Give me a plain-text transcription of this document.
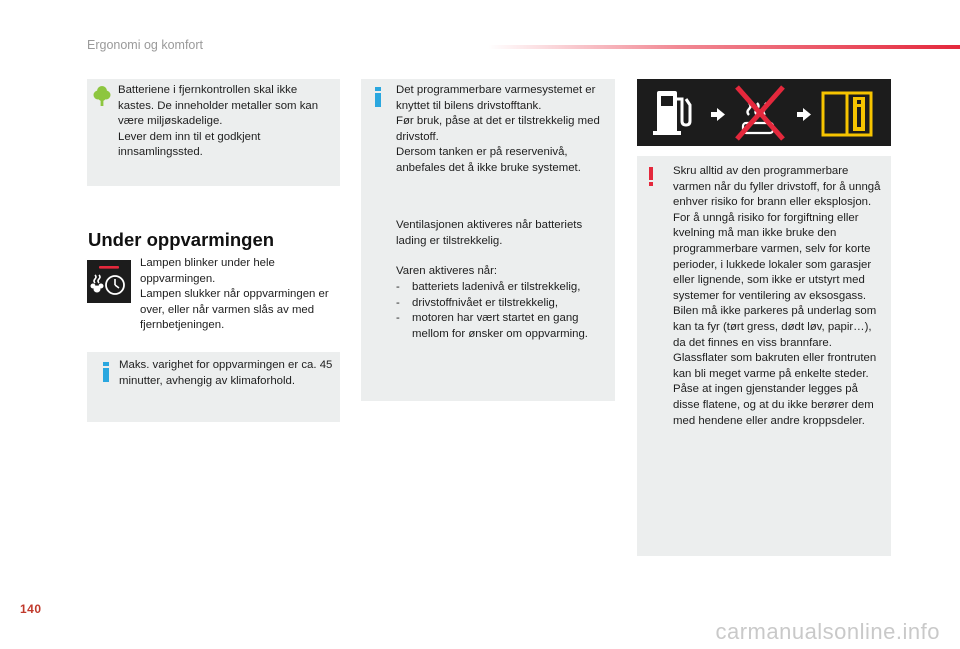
Ergonomi og komfort
Batteriene i fjernkontrollen skal ikke kastes. De inneholder metaller som kan være miljøskadelige.
Lever dem inn til et godkjent innsamlingssted.
Under oppvarmingen
Lampen blinker under hele oppvarmingen.
Lampen slukker når oppvarmingen er over, eller når varmen slås av med fjernbetjeningen.
Maks. varighet for oppvarmingen er ca. 45 minutter, avhengig av klimaforhold.
Det programmerbare varmesystemet er knyttet til bilens drivstofftank.
Før bruk, påse at det er tilstrekkelig med drivstoff.
Dersom tanken er på reservenivå, anbefales det å ikke bruke systemet.
Ventilasjonen aktiveres når batteriets lading er tilstrekkelig.
Varen aktiveres når:
-	batteriets ladenivå er tilstrekkelig,
-	drivstoffnivået er tilstrekkelig,
-	motoren har vært startet en gang mellom for ønsker om oppvarming.
Skru alltid av den programmerbare varmen når du fyller drivstoff, for å unngå enhver risiko for brann eller eksplosjon.
For å unngå risiko for forgiftning eller kvelning må man ikke bruke den programmerbare varmen, selv for korte perioder, i lukkede lokaler som garasjer eller lignende, som ikke er utstyrt med systemer for ventilering av eksosgass.
Bilen må ikke parkeres på underlag som kan ta fyr (tørt gress, dødt løv, papir…), da det finnes en viss brannfare.
Glassflater som bakruten eller frontruten kan bli meget varme på enkelte steder.
Påse at ingen gjenstander legges på disse flatene, og at du ikke berører dem med hendene eller andre kroppsdeler.
140
carmanualsonline.info
